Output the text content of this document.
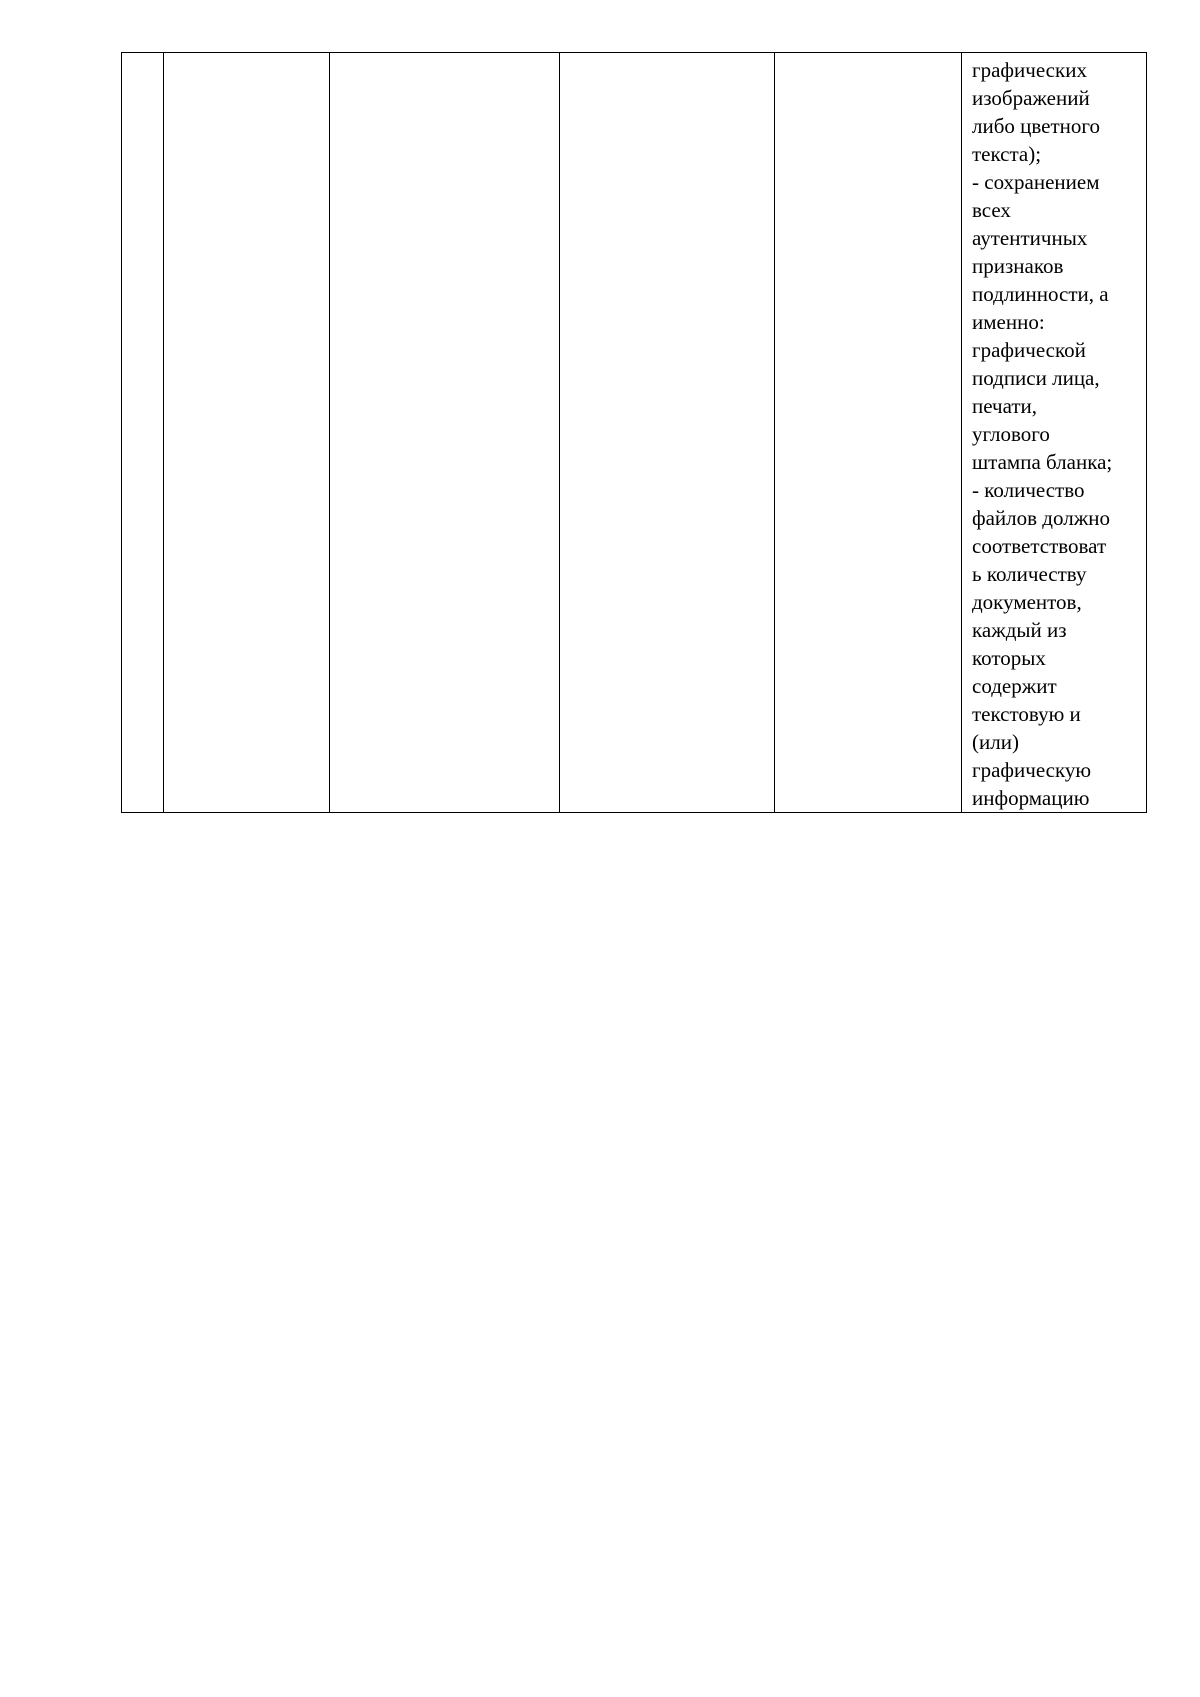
графических
изображений
либо цветного
текста);
- сохранением
всех
аутентичных
признаков
подлинности, а
именно:
графической
подписи лица,
печати,
углового
штампа бланка;
- количество
файлов должно
соответствоват
ь количеству
документов,
каждый из
которых
содержит
текстовую и
(или)
графическую
информацию
